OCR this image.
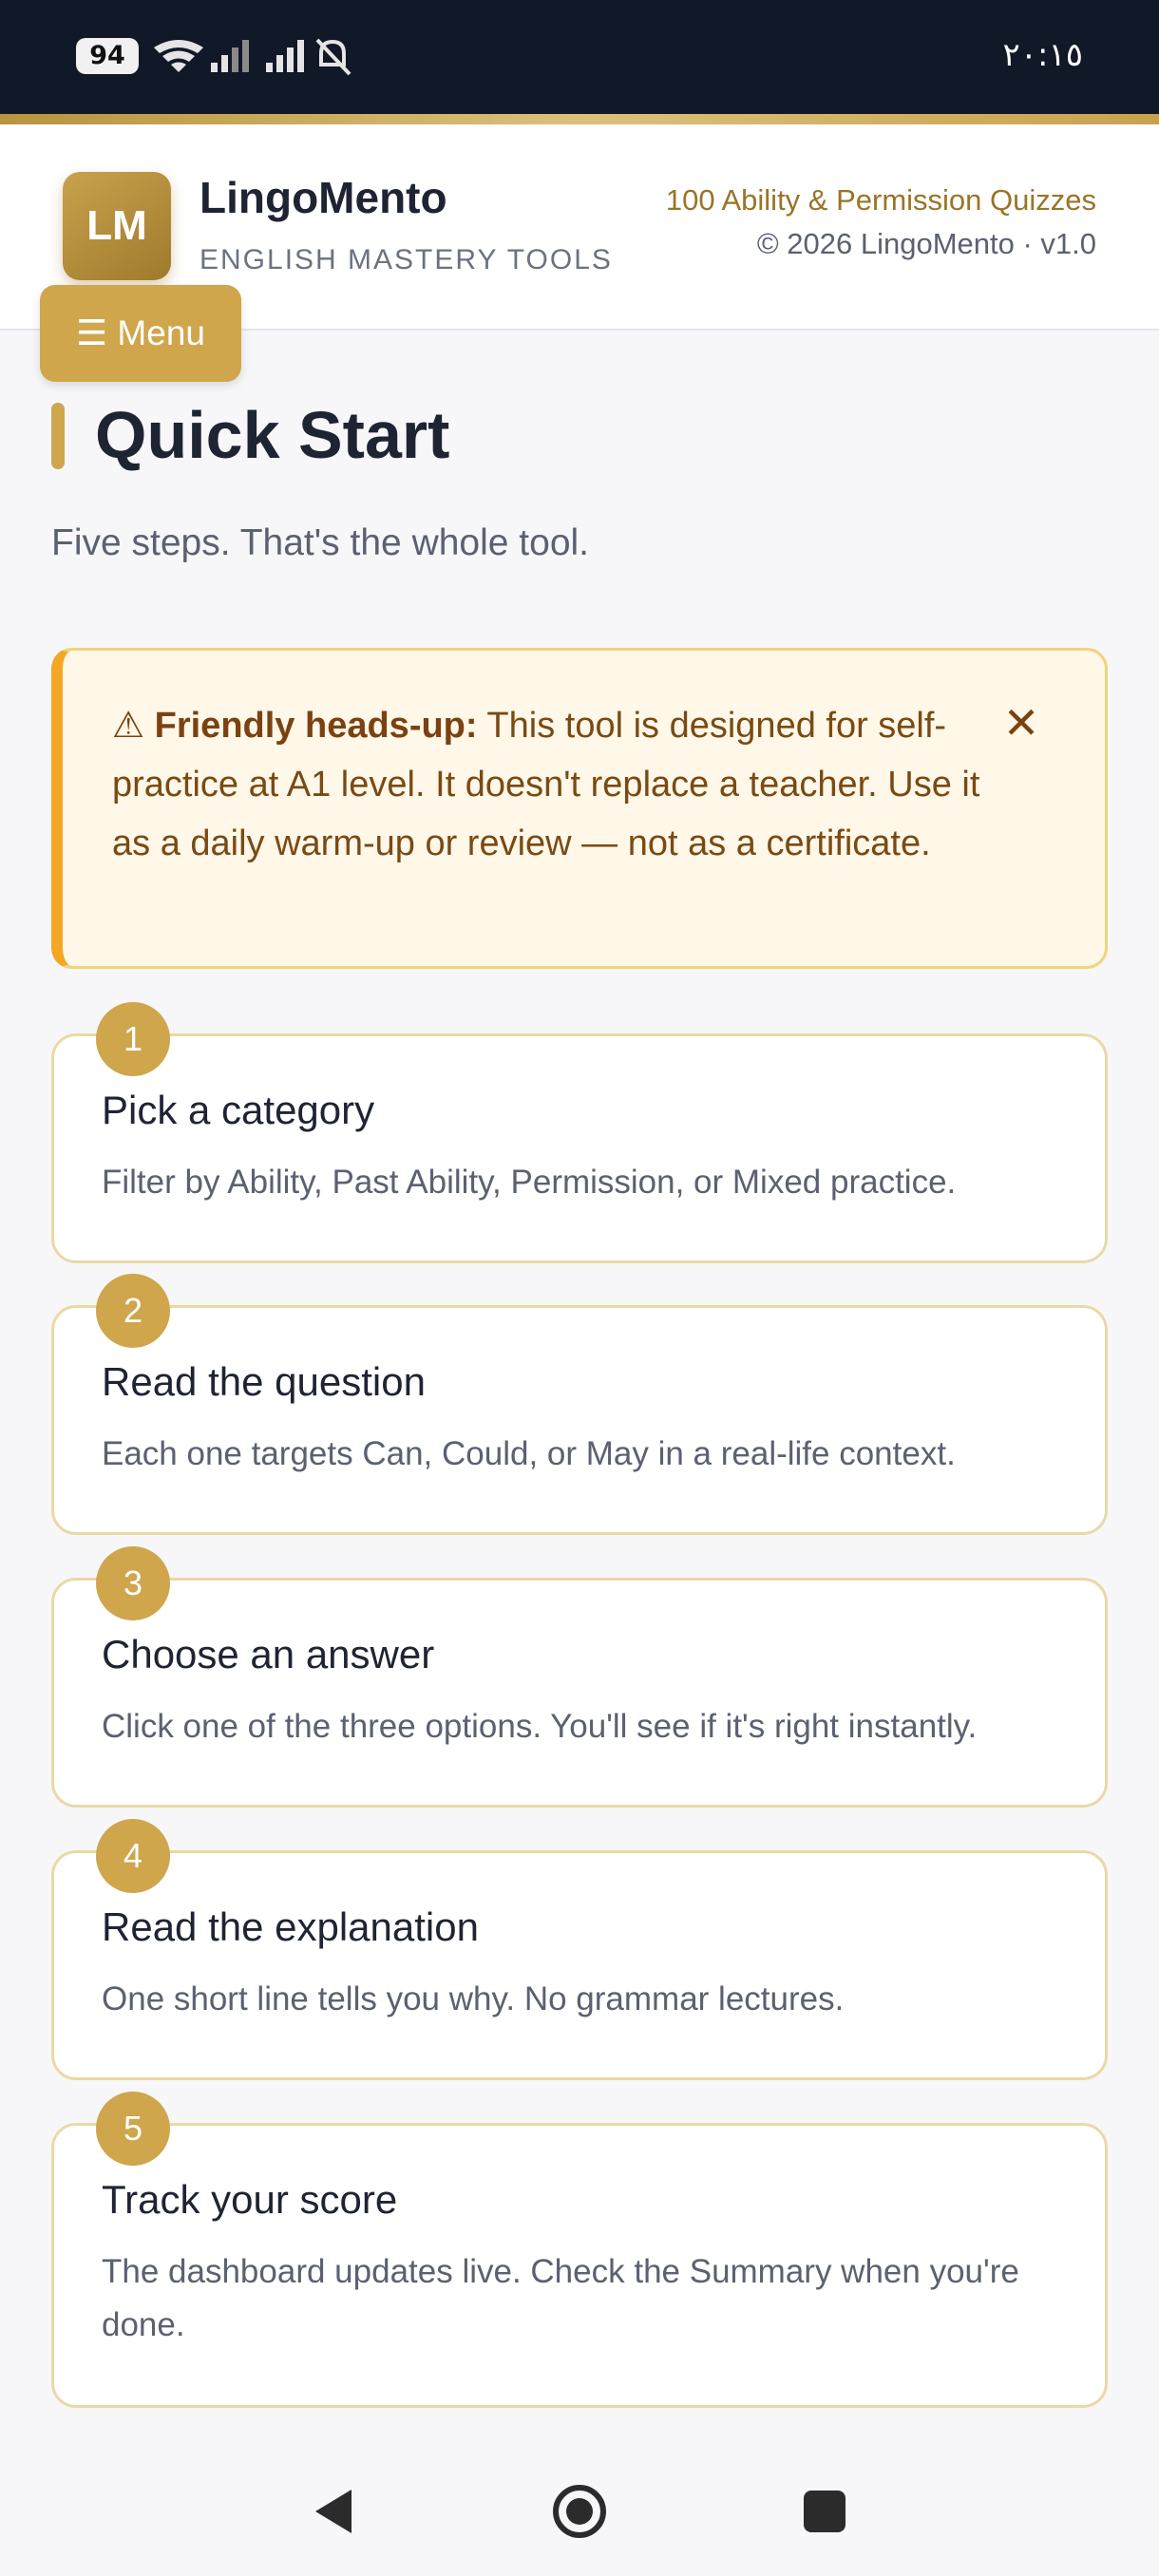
94	٢٠:١٥
LM
LingoMento
ENGLISH MASTERY TOOLS
100 Ability & Permission Quizzes
© 2026 LingoMento · v1.0
☰ Menu
Quick Start
Five steps. That's the whole tool.
⚠ Friendly heads-up: This tool is designed for self-practice at A1 level. It doesn't replace a teacher. Use it as a daily warm-up or review — not as a certificate.
✕
1
Pick a category
Filter by Ability, Past Ability, Permission, or Mixed practice.
2
Read the question
Each one targets Can, Could, or May in a real-life context.
3
Choose an answer
Click one of the three options. You'll see if it's right instantly.
4
Read the explanation
One short line tells you why. No grammar lectures.
5
Track your score
The dashboard updates live. Check the Summary when you're done.
